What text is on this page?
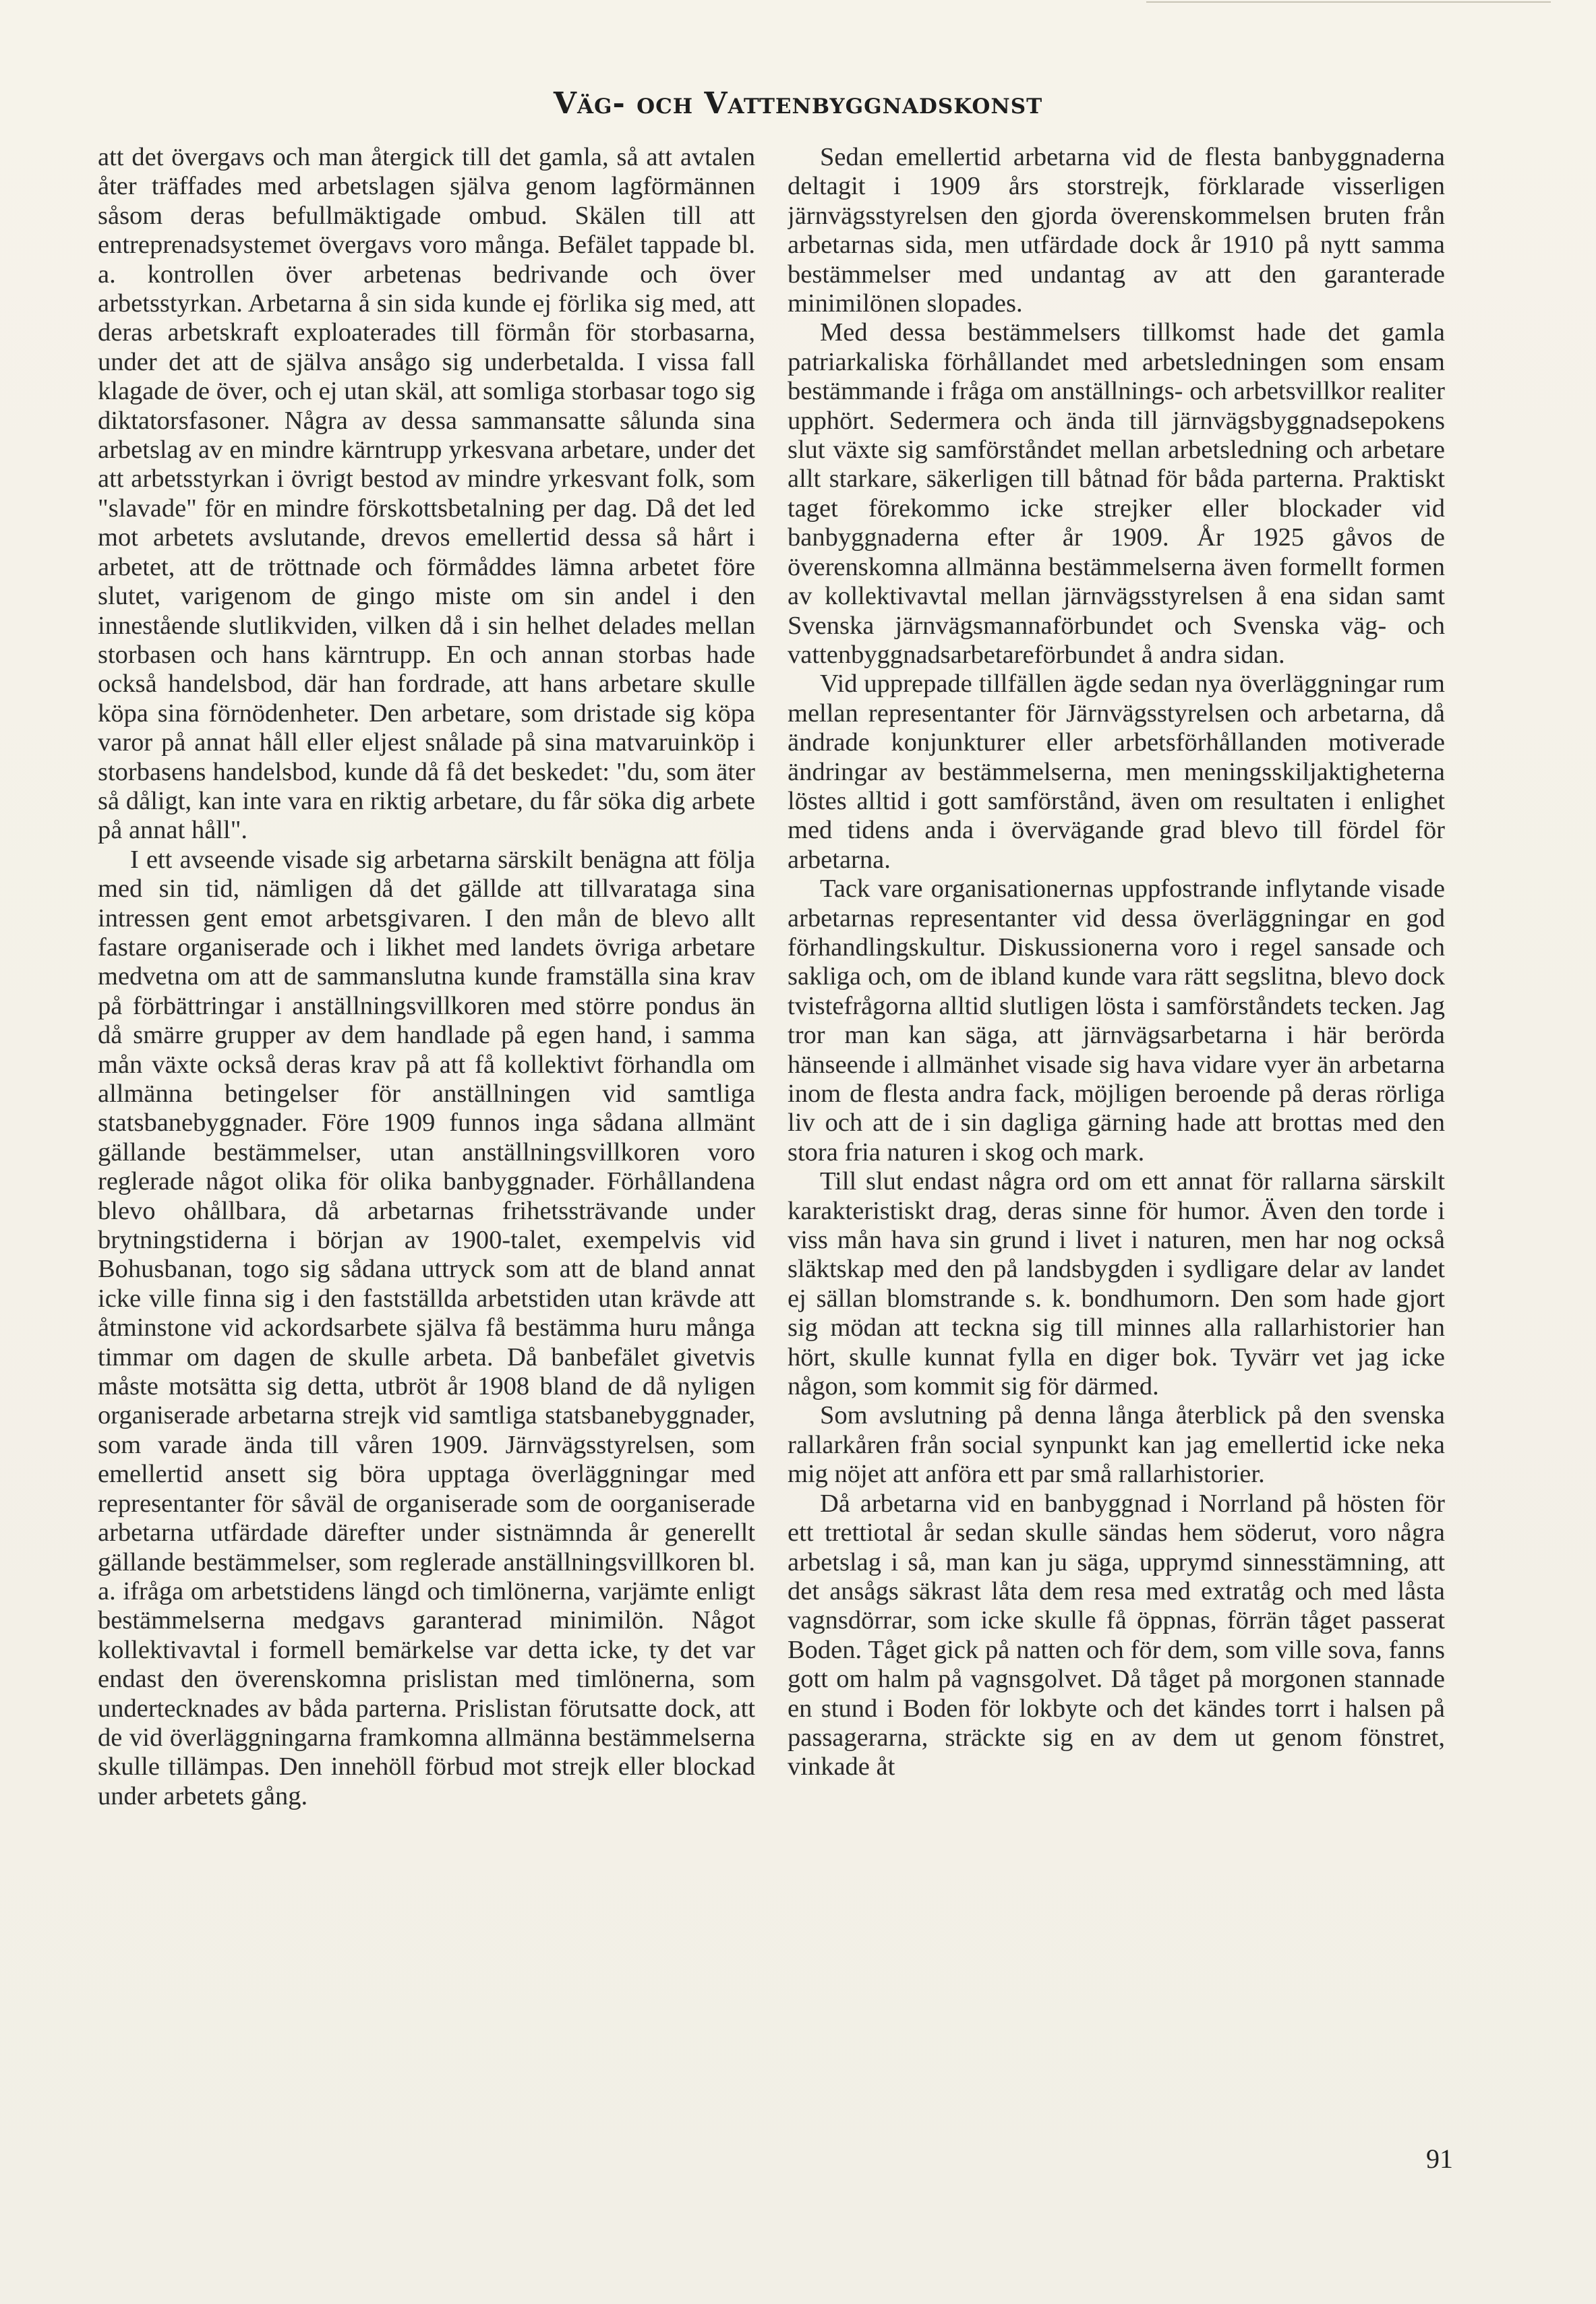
Väg- och Vattenbyggnadskonst

att det övergavs och man återgick till det gamla, så att avtalen åter träffades med arbetslagen själva genom lagförmännen såsom deras befullmäktigade ombud. Skälen till att entreprenadsystemet övergavs voro många. Befälet tappade bl. a. kontrollen över arbetenas bedrivande och över arbetsstyrkan. Arbetarna å sin sida kunde ej förlika sig med, att deras arbetskraft exploaterades till förmån för storbasarna, under det att de själva ansågo sig underbetalda. I vissa fall klagade de över, och ej utan skäl, att somliga storbasar togo sig diktatorsfasoner. Några av dessa sammansatte sålunda sina arbetslag av en mindre kärntrupp yrkesvana arbetare, under det att arbetsstyrkan i övrigt bestod av mindre yrkesvant folk, som "slavade" för en mindre förskottsbetalning per dag. Då det led mot arbetets avslutande, drevos emellertid dessa så hårt i arbetet, att de tröttnade och förmåddes lämna arbetet före slutet, varigenom de gingo miste om sin andel i den innestående slutlikviden, vilken då i sin helhet delades mellan storbasen och hans kärntrupp. En och annan storbas hade också handelsbod, där han fordrade, att hans arbetare skulle köpa sina förnödenheter. Den arbetare, som dristade sig köpa varor på annat håll eller eljest snålade på sina matvaruinköp i storbasens handelsbod, kunde då få det beskedet: "du, som äter så dåligt, kan inte vara en riktig arbetare, du får söka dig arbete på annat håll".

I ett avseende visade sig arbetarna särskilt benägna att följa med sin tid, nämligen då det gällde att tillvaratagа sina intressen gent emot arbetsgivaren. I den mån de blevo allt fastare organiserade och i likhet med landets övriga arbetare medvetna om att de sammanslutna kunde framställa sina krav på förbättringar i anställningsvillkoren med större pondus än då smärre grupper av dem handlade på egen hand, i samma mån växte också deras krav på att få kollektivt förhandla om allmänna betingelser för anställningen vid samtliga statsbanebyggnader. Före 1909 funnos inga sådana allmänt gällande bestämmelser, utan anställningsvillkoren voro reglerade något olika för olika banbyggnader. Förhållandena blevo ohållbara, då arbetarnas frihetssträvande under brytningstiderna i början av 1900-talet, exempelvis vid Bohusbanan, togo sig sådana uttryck som att de bland annat icke ville finna sig i den fastställda arbetstiden utan krävde att åtminstone vid ackordsarbete själva få bestämma huru många timmar om dagen de skulle arbeta. Då banbefälet givetvis måste motsätta sig detta, utbröt år 1908 bland de då nyligen organiserade arbetarna strejk vid samtliga statsbanebyggnader, som varade ända till våren 1909. Järnvägsstyrelsen, som emellertid ansett sig böra upptaga överläggningar med representanter för såväl de organiserade som de oorganiserade arbetarna utfärdade därefter under sistnämnda år generellt gällande bestämmelser, som reglerade anställningsvillkoren bl. a. ifråga om arbetstidens längd och timlönerna, varjämte enligt bestämmelserna medgavs garanterad minimilön. Något kollektivavtal i formell bemärkelse var detta icke, ty det var endast den överenskomna prislistan med timlönerna, som undertecknades av båda parterna. Prislistan förutsatte dock, att de vid överläggningarna framkomna allmänna bestämmelserna skulle tillämpas. Den innehöll förbud mot strejk eller blockad under arbetets gång.

Sedan emellertid arbetarna vid de flesta banbyggnaderna deltagit i 1909 års storstrejk, förklarade visserligen järnvägsstyrelsen den gjorda överenskommelsen bruten från arbetarnas sida, men utfärdade dock år 1910 på nytt samma bestämmelser med undantag av att den garanterade minimilönen slopades.

Med dessa bestämmelsers tillkomst hade det gamla patriarkaliska förhållandet med arbetsledningen som ensam bestämmande i fråga om anställnings- och arbetsvillkor realiter upphört. Sedermera och ända till järnvägsbyggnadsepokens slut växte sig samförståndet mellan arbetsledning och arbetare allt starkare, säkerligen till båtnad för båda parterna. Praktiskt taget förekommo icke strejker eller blockader vid banbyggnaderna efter år 1909. År 1925 gåvos de överenskomna allmänna bestämmelserna även formellt formen av kollektivavtal mellan järnvägsstyrelsen å ena sidan samt Svenska järnvägsmannaförbundet och Svenska väg- och vattenbyggnadsarbetareförbundet å andra sidan.

Vid upprepade tillfällen ägde sedan nya överläggningar rum mellan representanter för Järnvägsstyrelsen och arbetarna, då ändrade konjunkturer eller arbetsförhållanden motiverade ändringar av bestämmelserna, men meningsskiljaktigheterna löstes alltid i gott samförstånd, även om resultaten i enlighet med tidens anda i övervägande grad blevo till fördel för arbetarna.

Tack vare organisationernas uppfostrande inflytande visade arbetarnas representanter vid dessa överläggningar en god förhandlingskultur. Diskussionerna voro i regel sansade och sakliga och, om de ibland kunde vara rätt segslitna, blevo dock tvistefrågorna alltid slutligen lösta i samförståndets tecken. Jag tror man kan säga, att järnvägsarbetarna i här berörda hänseende i allmänhet visade sig hava vidare vyer än arbetarna inom de flesta andra fack, möjligen beroende på deras rörliga liv och att de i sin dagliga gärning hade att brottas med den stora fria naturen i skog och mark.

Till slut endast några ord om ett annat för rallarna särskilt karakteristiskt drag, deras sinne för humor. Även den torde i viss mån hava sin grund i livet i naturen, men har nog också släktskap med den på landsbygden i sydligare delar av landet ej sällan blomstrande s. k. bondhumorn. Den som hade gjort sig mödan att teckna sig till minnes alla rallarhistorier han hört, skulle kunnat fylla en diger bok. Tyvärr vet jag icke någon, som kommit sig för därmed.

Som avslutning på denna långa återblick på den svenska rallarkåren från social synpunkt kan jag emellertid icke neka mig nöjet att anföra ett par små rallarhistorier.

Då arbetarna vid en banbyggnad i Norrland på hösten för ett trettiotal år sedan skulle sändas hem söderut, voro några arbetslag i så, man kan ju säga, upprymd sinnesstämning, att det ansågs säkrast låta dem resa med extratåg och med låsta vagnsdörrar, som icke skulle få öppnas, förrän tåget passerat Boden. Tåget gick på natten och för dem, som ville sova, fanns gott om halm på vagnsgolvet. Då tåget på morgonen stannade en stund i Boden för lokbyte och det kändes torrt i halsen på passagerarna, sträckte sig en av dem ut genom fönstret, vinkade åt

91
